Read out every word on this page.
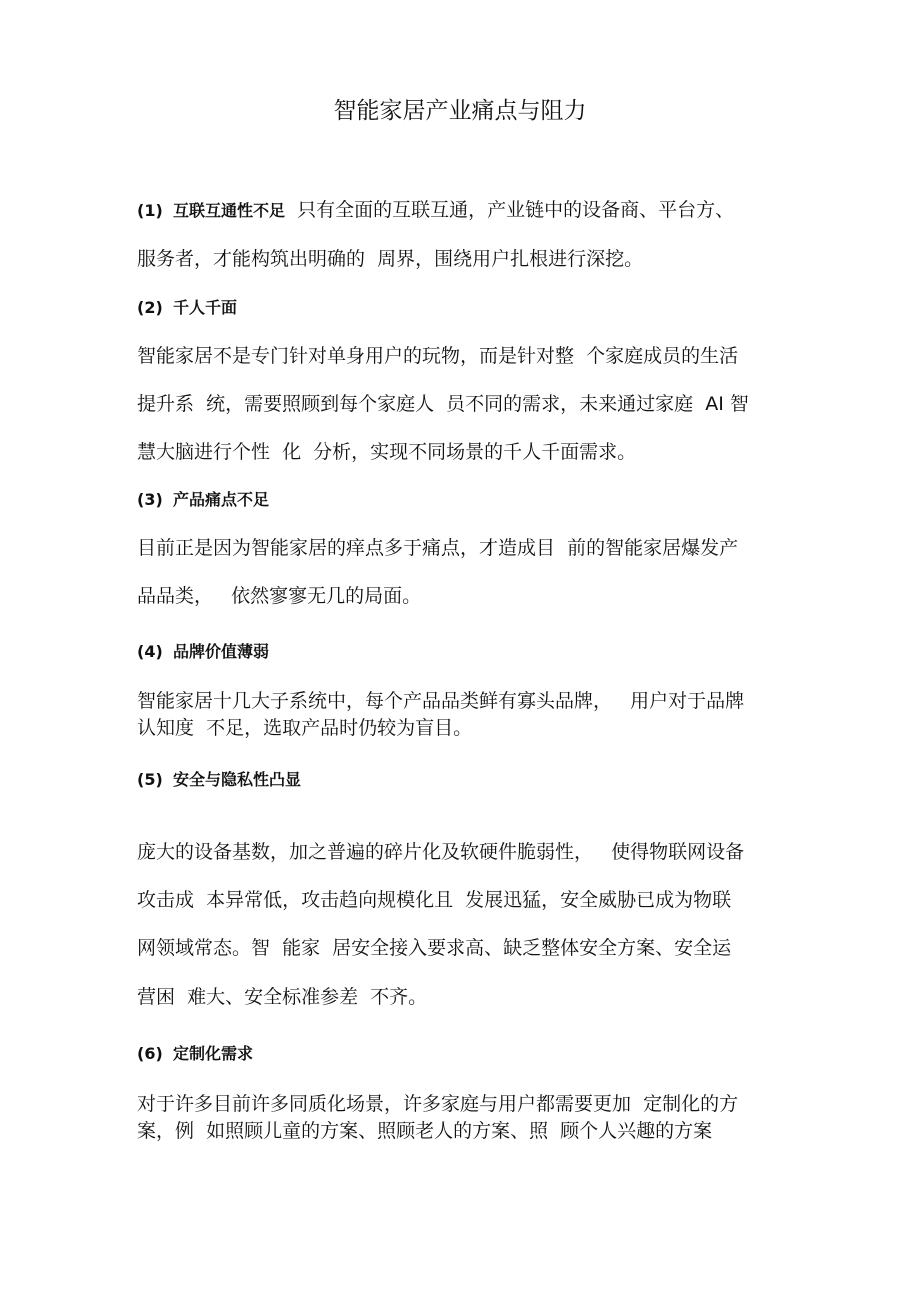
智能家居产业痛点与阻力

(1) 互联互通性不足 只有全面的互联互通，产业链中的设备商、平台方、

服务者，才能构筑出明确的  周界，围绕用户扎根进行深挖。

(2) 千人千面

智能家居不是专门针对单身用户的玩物，而是针对整  个家庭成员的生活

提升系  统，需要照顾到每个家庭人  员不同的需求，未来通过家庭  AI 智

慧大脑进行个性  化  分析，实现不同场景的千人千面需求。

(3) 产品痛点不足

目前正是因为智能家居的痒点多于痛点，才造成目  前的智能家居爆发产

品品类，   依然寥寥无几的局面。

(4) 品牌价值薄弱

智能家居十几大子系统中，每个产品品类鲜有寡头品牌，   用户对于品牌

认知度  不足，选取产品时仍较为盲目。

(5) 安全与隐私性凸显

庞大的设备基数，加之普遍的碎片化及软硬件脆弱性，   使得物联网设备

攻击成  本异常低，攻击趋向规模化且  发展迅猛，安全威胁已成为物联

网领域常态。智  能家  居安全接入要求高、缺乏整体安全方案、安全运

营困  难大、安全标准参差  不齐。

(6) 定制化需求

对于许多目前许多同质化场景，许多家庭与用户都需要更加  定制化的方

案，例  如照顾儿童的方案、照顾老人的方案、照  顾个人兴趣的方案
